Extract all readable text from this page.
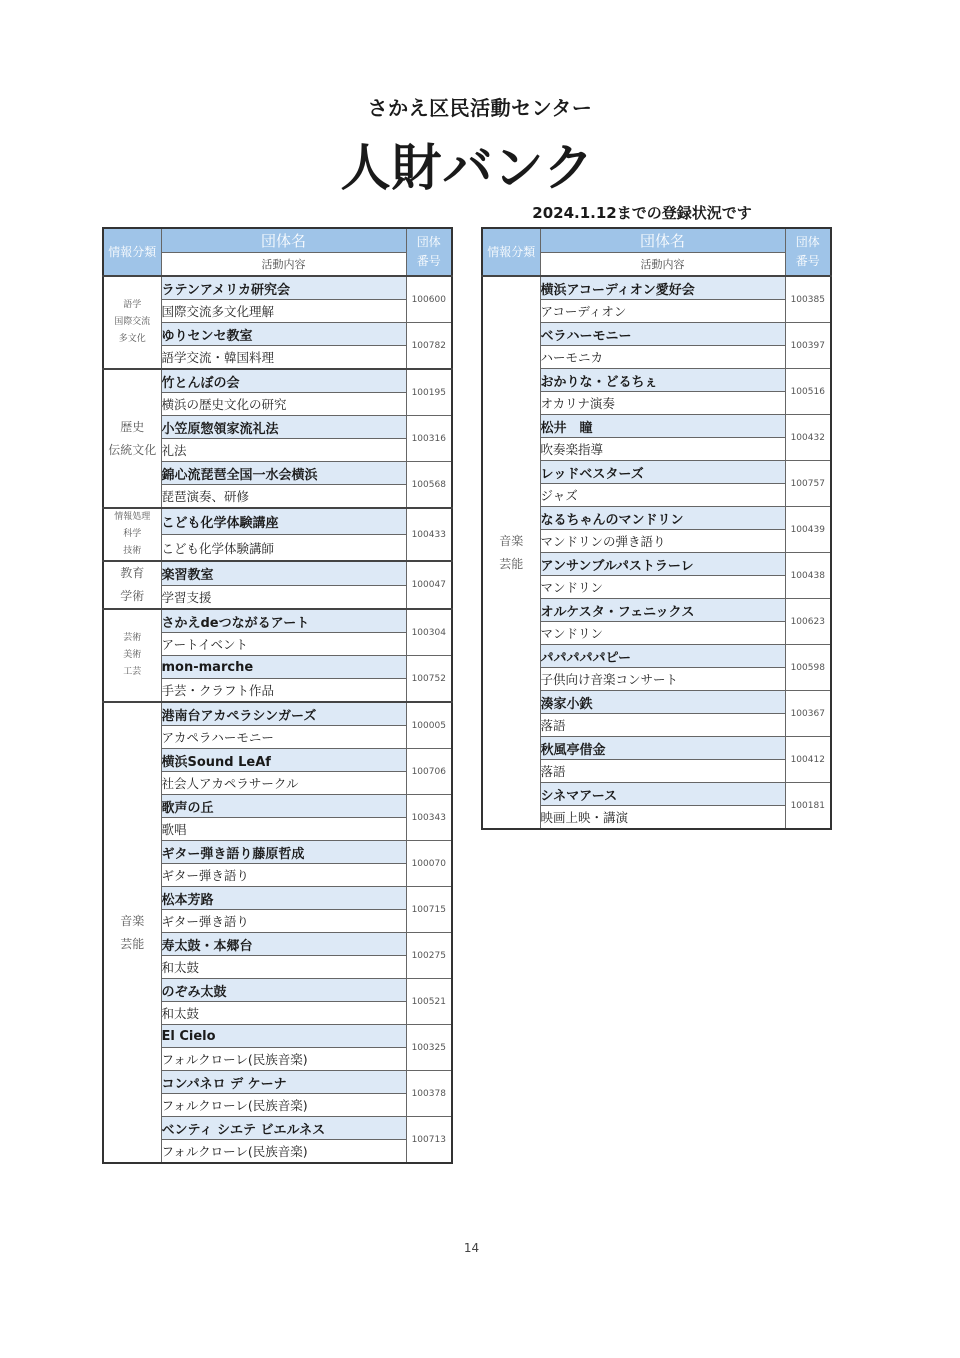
さかえ区民活動センター
人財バンク
2024.1.12までの登録状況です
情報分類	団体名	団体
番号
	活動内容	
語学
国際交流
多文化	ラテンアメリカ研究会	100600
	国際交流多文化理解	
	ゆりセンセ教室	100782
	語学交流・韓国料理	
歴史
伝統文化	竹とんぼの会	100195
	横浜の歴史文化の研究	
	小笠原惣領家流礼法	100316
	礼法	
	錦心流琵琶全国一水会横浜	100568
	琵琶演奏、研修	
情報処理
科学
技術	こども化学体験講座	100433
	こども化学体験講師	
教育
学術	楽習教室	100047
	学習支援	
芸術
美術
工芸	さかえdeつながるアート	100304
	アートイベント	
	mon-marche	100752
	手芸・クラフト作品	
音楽
芸能	港南台アカペラシンガーズ	100005
	アカペラハーモニー	
	横浜Sound LeAf	100706
	社会人アカペラサークル	
	歌声の丘	100343
	歌唱	
	ギター弾き語り藤原哲成	100070
	ギター弾き語り	
	松本芳路	100715
	ギター弾き語り	
	寿太鼓・本郷台	100275
	和太鼓	
	のぞみ太鼓	100521
	和太鼓	
	El Cielo	100325
	フォルクローレ(民族音楽)	
	コンパネロ デ ケーナ	100378
	フォルクローレ(民族音楽)	
	ベンティ シエテ ビエルネス	100713
	フォルクローレ(民族音楽)	
情報分類	団体名	団体
番号
	活動内容	
音楽
芸能	横浜アコーディオン愛好会	100385
	アコーディオン	
	ベラハーモニー	100397
	ハーモニカ	
	おかりな・どるちぇ	100516
	オカリナ演奏	
	松井　瞳	100432
	吹奏楽指導	
	レッドベスターズ	100757
	ジャズ	
	なるちゃんのマンドリン	100439
	マンドリンの弾き語り	
	アンサンブルパストラーレ	100438
	マンドリン	
	オルケスタ・フェニックス	100623
	マンドリン	
	パパパパパピー	100598
	子供向け音楽コンサート	
	湊家小鉄	100367
	落語	
	秋風亭借金	100412
	落語	
	シネマアース	100181
	映画上映・講演	
14
